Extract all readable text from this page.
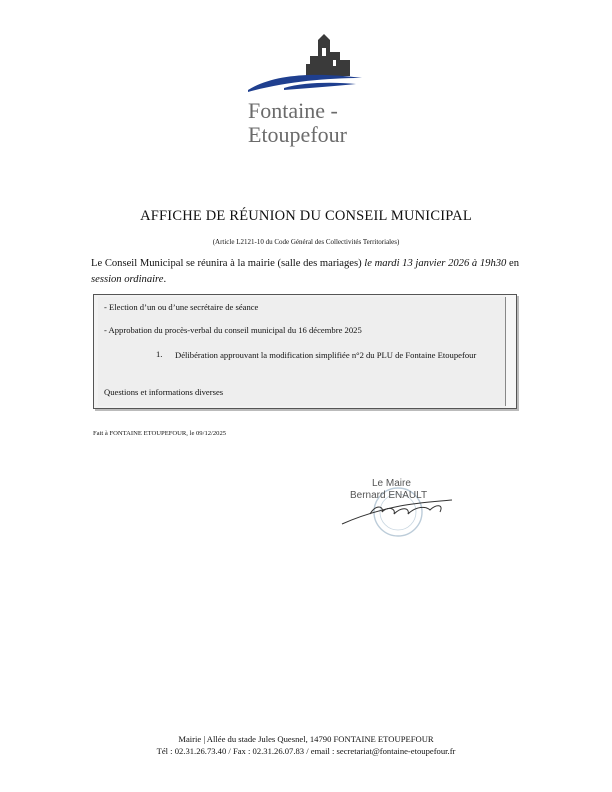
Fontaine -
Etoupefour
AFFICHE DE RÉUNION DU CONSEIL MUNICIPAL
(Article L2121-10 du Code Général des Collectivités Territoriales)
Le Conseil Municipal se réunira à la mairie (salle des mariages) le mardi 13 janvier 2026 à 19h30 en session ordinaire.
- Election d’un ou d’une secrétaire de séance
- Approbation du procès-verbal du conseil municipal du 16 décembre 2025
1. Délibération approuvant la modification simplifiée n°2 du PLU de Fontaine Etoupefour
Questions et informations diverses
Fait à FONTAINE ETOUPEFOUR, le 09/12/2025
Le Maire
Bernard ENAULT
Mairie | Allée du stade Jules Quesnel, 14790 FONTAINE ETOUPEFOUR
Tél : 02.31.26.73.40 / Fax : 02.31.26.07.83 / email : secretariat@fontaine-etoupefour.fr
